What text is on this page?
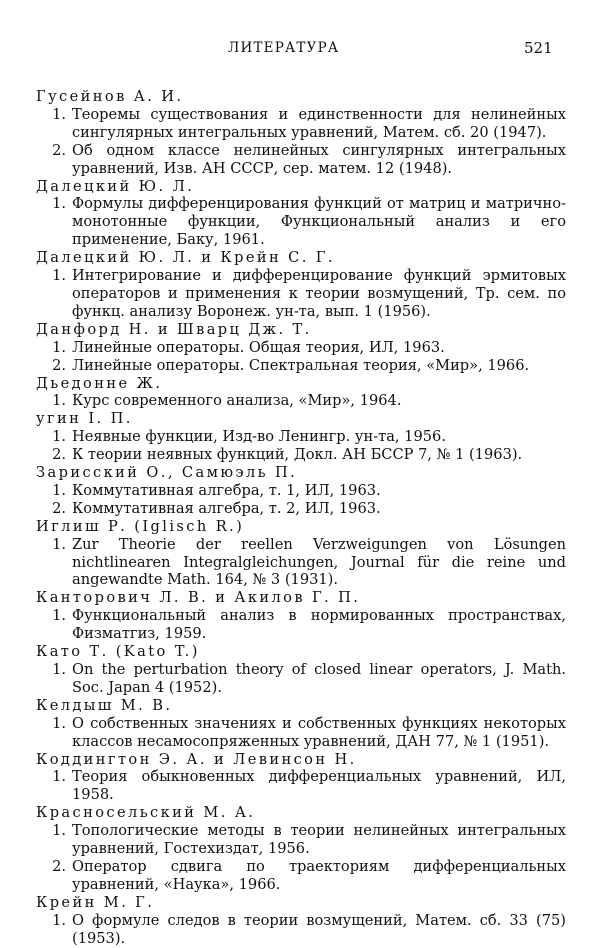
ЛИТЕРАТУРА	521
Гусейнов А. И.
1. Теоремы существования и единственности для нелинейных сингулярных интегральных уравнений, Матем. сб. 20 (1947).
2. Об одном классе нелинейных сингулярных интегральных уравнений, Изв. АН СССР, сер. матем. 12 (1948).
Далецкий Ю. Л.
1. Формулы дифференцирования функций от матриц и матрично-монотонные функции, Функциональный анализ и его применение, Баку, 1961.
Далецкий Ю. Л. и Крейн С. Г.
1. Интегрирование и дифференцирование функций эрмитовых операторов и применения к теории возмущений, Тр. сем. по функц. анализу Воронеж. ун-та, вып. 1 (1956).
Данфорд Н. и Шварц Дж. Т.
1. Линейные операторы. Общая теория, ИЛ, 1963.
2. Линейные операторы. Спектральная теория, «Мир», 1966.
Дьедонне Ж.
1. Курс современного анализа, «Мир», 1964.
угин І. П.
1. Неявные функции, Изд-во Ленингр. ун-та, 1956.
2. К теории неявных функций, Докл. АН БССР 7, № 1 (1963).
Зарисский О., Самюэль П.
1. Коммутативная алгебра, т. 1, ИЛ, 1963.
2. Коммутативная алгебра, т. 2, ИЛ, 1963.
Иглиш Р. (Iglisch R.)
1. Zur Theorie der reellen Verzweigungen von Lösungen nichtlinearen Integralgleichungen, Journal für die reine und angewandte Math. 164, № 3 (1931).
Канторович Л. В. и Акилов Г. П.
1. Функциональный анализ в нормированных пространствах, Физматгиз, 1959.
Като Т. (Kato T.)
1. On the perturbation theory of closed linear operators, J. Math. Soc. Japan 4 (1952).
Келдыш М. В.
1. О собственных значениях и собственных функциях некоторых классов несамосопряженных уравнений, ДАН 77, № 1 (1951).
Коддингтон Э. А. и Левинсон Н.
1. Теория обыкновенных дифференциальных уравнений, ИЛ, 1958.
Красносельский М. А.
1. Топологические методы в теории нелинейных интегральных уравнений, Гостехиздат, 1956.
2. Оператор сдвига по траекториям дифференциальных уравнений, «Наука», 1966.
Крейн М. Г.
1. О формуле следов в теории возмущений, Матем. сб. 33 (75) (1953).
